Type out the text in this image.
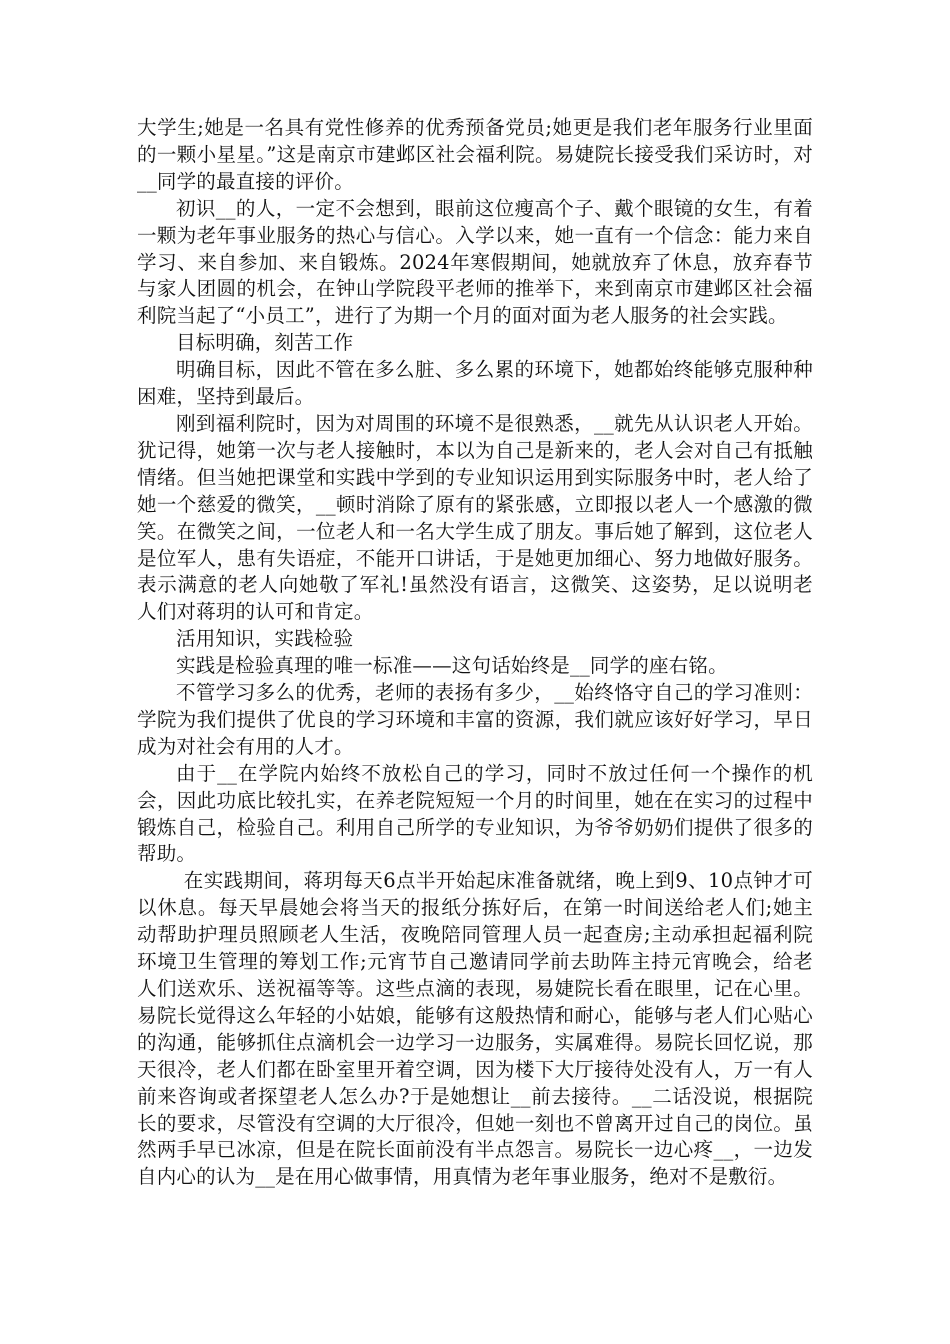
大学生;她是一名具有党性修养的优秀预备党员;她更是我们老年服务行业里面的一颗小星星。”这是南京市建邺区社会福利院。易婕院长接受我们采访时，对__同学的最直接的评价。

初识__的人，一定不会想到，眼前这位瘦高个子、戴个眼镜的女生，有着一颗为老年事业服务的热心与信心。入学以来，她一直有一个信念：能力来自学习、来自参加、来自锻炼。2024年寒假期间，她就放弃了休息，放弃春节与家人团圆的机会，在钟山学院段平老师的推举下，来到南京市建邺区社会福利院当起了“小员工”，进行了为期一个月的面对面为老人服务的社会实践。

目标明确，刻苦工作

明确目标，因此不管在多么脏、多么累的环境下，她都始终能够克服种种困难，坚持到最后。

刚到福利院时，因为对周围的环境不是很熟悉，__就先从认识老人开始。犹记得，她第一次与老人接触时，本以为自己是新来的，老人会对自己有抵触情绪。但当她把课堂和实践中学到的专业知识运用到实际服务中时，老人给了她一个慈爱的微笑，__顿时消除了原有的紧张感，立即报以老人一个感激的微笑。在微笑之间，一位老人和一名大学生成了朋友。事后她了解到，这位老人是位军人，患有失语症，不能开口讲话，于是她更加细心、努力地做好服务。表示满意的老人向她敬了军礼!虽然没有语言，这微笑、这姿势，足以说明老人们对蒋玥的认可和肯定。

活用知识，实践检验

实践是检验真理的唯一标准——这句话始终是__同学的座右铭。

不管学习多么的优秀，老师的表扬有多少，__始终恪守自己的学习准则：学院为我们提供了优良的学习环境和丰富的资源，我们就应该好好学习，早日成为对社会有用的人才。

由于__在学院内始终不放松自己的学习，同时不放过任何一个操作的机会，因此功底比较扎实，在养老院短短一个月的时间里，她在在实习的过程中锻炼自己，检验自己。利用自己所学的专业知识，为爷爷奶奶们提供了很多的帮助。

在实践期间，蒋玥每天6点半开始起床准备就绪，晚上到9、10点钟才可以休息。每天早晨她会将当天的报纸分拣好后，在第一时间送给老人们;她主动帮助护理员照顾老人生活，夜晚陪同管理人员一起查房;主动承担起福利院环境卫生管理的筹划工作;元宵节自己邀请同学前去助阵主持元宵晚会，给老人们送欢乐、送祝福等等。这些点滴的表现，易婕院长看在眼里，记在心里。易院长觉得这么年轻的小姑娘，能够有这般热情和耐心，能够与老人们心贴心的沟通，能够抓住点滴机会一边学习一边服务，实属难得。易院长回忆说，那天很冷，老人们都在卧室里开着空调，因为楼下大厅接待处没有人，万一有人前来咨询或者探望老人怎么办?于是她想让__前去接待。__二话没说，根据院长的要求，尽管没有空调的大厅很冷，但她一刻也不曾离开过自己的岗位。虽然两手早已冰凉，但是在院长面前没有半点怨言。易院长一边心疼__，一边发自内心的认为__是在用心做事情，用真情为老年事业服务，绝对不是敷衍。
